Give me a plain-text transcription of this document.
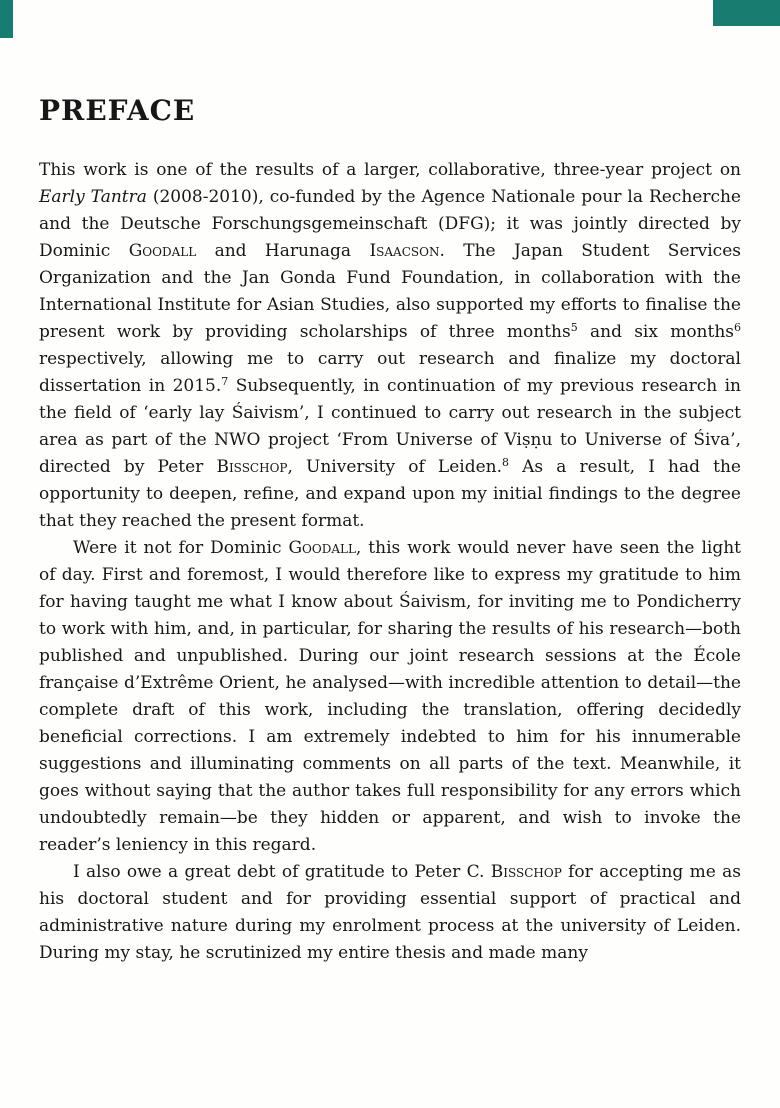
PREFACE

This work is one of the results of a larger, collaborative, three-year project on Early Tantra (2008-2010), co-funded by the Agence Nationale pour la Recherche and the Deutsche Forschungsgemeinschaft (DFG); it was jointly directed by Dominic Goodall and Harunaga Isaacson. The Japan Student Services Organization and the Jan Gonda Fund Foundation, in collaboration with the International Institute for Asian Studies, also supported my efforts to finalise the present work by providing scholarships of three months$^5$ and six months$^6$ respectively, allowing me to carry out research and finalize my doctoral dissertation in 2015.$^7$ Subsequently, in continuation of my previous research in the field of ‘early lay Śaivism’, I continued to carry out research in the subject area as part of the NWO project ‘From Universe of Viṣṇu to Universe of Śiva’, directed by Peter Bisschop, University of Leiden.$^8$ As a result, I had the opportunity to deepen, refine, and expand upon my initial findings to the degree that they reached the present format.

Were it not for Dominic Goodall, this work would never have seen the light of day. First and foremost, I would therefore like to express my gratitude to him for having taught me what I know about Śaivism, for inviting me to Pondicherry to work with him, and, in particular, for sharing the results of his research—both published and unpublished. During our joint research sessions at the École française d’Extrême Orient, he analysed—with incredible attention to detail—the complete draft of this work, including the translation, offering decidedly beneficial corrections. I am extremely indebted to him for his innumerable suggestions and illuminating comments on all parts of the text. Meanwhile, it goes without saying that the author takes full responsibility for any errors which undoubtedly remain—be they hidden or apparent, and wish to invoke the reader’s leniency in this regard.

I also owe a great debt of gratitude to Peter C. Bisschop for accepting me as his doctoral student and for providing essential support of practical and administrative nature during my enrolment process at the university of Leiden. During my stay, he scrutinized my entire thesis and made many
